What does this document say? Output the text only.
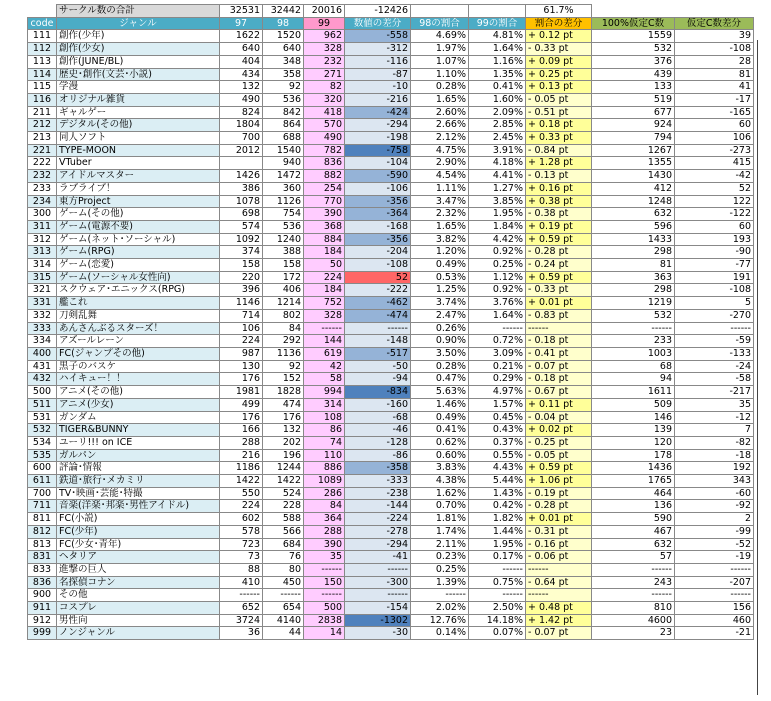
	サークル数の合計	32531	32442	20016	-12426			61.7%		
code	ジャンル	97	98	99	数値の差分	98の割合	99の割合	割合の差分	100%仮定C数	仮定C数差分
111	創作(少年)	1622	1520	962	-558	4.69%	4.81%	+ 0.12 pt	1559	39
112	創作(少女)	640	640	328	-312	1.97%	1.64%	- 0.33 pt	532	-108
113	創作(JUNE/BL)	404	348	232	-116	1.07%	1.16%	+ 0.09 pt	376	28
114	歴史･創作(文芸･小説)	434	358	271	-87	1.10%	1.35%	+ 0.25 pt	439	81
115	学漫	132	92	82	-10	0.28%	0.41%	+ 0.13 pt	133	41
116	オリジナル雑貨	490	536	320	-216	1.65%	1.60%	- 0.05 pt	519	-17
211	ギャルゲー	824	842	418	-424	2.60%	2.09%	- 0.51 pt	677	-165
212	デジタル(その他)	1804	864	570	-294	2.66%	2.85%	+ 0.18 pt	924	60
213	同人ソフト	700	688	490	-198	2.12%	2.45%	+ 0.33 pt	794	106
221	TYPE-MOON	2012	1540	782	-758	4.75%	3.91%	- 0.84 pt	1267	-273
222	VTuber		940	836	-104	2.90%	4.18%	+ 1.28 pt	1355	415
232	アイドルマスター	1426	1472	882	-590	4.54%	4.41%	- 0.13 pt	1430	-42
233	ラブライブ！	386	360	254	-106	1.11%	1.27%	+ 0.16 pt	412	52
234	東方Project	1078	1126	770	-356	3.47%	3.85%	+ 0.38 pt	1248	122
300	ゲーム(その他)	698	754	390	-364	2.32%	1.95%	- 0.38 pt	632	-122
311	ゲーム(電源不要)	574	536	368	-168	1.65%	1.84%	+ 0.19 pt	596	60
312	ゲーム(ネット･ソーシャル)	1092	1240	884	-356	3.82%	4.42%	+ 0.59 pt	1433	193
313	ゲーム(RPG)	374	388	184	-204	1.20%	0.92%	- 0.28 pt	298	-90
314	ゲーム(恋愛)	158	158	50	-108	0.49%	0.25%	- 0.24 pt	81	-77
315	ゲーム(ソーシャル女性向)	220	172	224	52	0.53%	1.12%	+ 0.59 pt	363	191
321	スクウェア･エニックス(RPG)	396	406	184	-222	1.25%	0.92%	- 0.33 pt	298	-108
331	艦これ	1146	1214	752	-462	3.74%	3.76%	+ 0.01 pt	1219	5
332	刀剣乱舞	714	802	328	-474	2.47%	1.64%	- 0.83 pt	532	-270
333	あんさんぶるスターズ！	106	84	------	------	0.26%	------	------	------	------
334	アズールレーン	224	292	144	-148	0.90%	0.72%	- 0.18 pt	233	-59
400	FC(ジャンプその他)	987	1136	619	-517	3.50%	3.09%	- 0.41 pt	1003	-133
431	黒子のバスケ	130	92	42	-50	0.28%	0.21%	- 0.07 pt	68	-24
432	ハイキュー！！	176	152	58	-94	0.47%	0.29%	- 0.18 pt	94	-58
500	アニメ(その他)	1981	1828	994	-834	5.63%	4.97%	- 0.67 pt	1611	-217
511	アニメ(少女)	499	474	314	-160	1.46%	1.57%	+ 0.11 pt	509	35
531	ガンダム	176	176	108	-68	0.49%	0.45%	- 0.04 pt	146	-12
532	TIGER&BUNNY	166	132	86	-46	0.41%	0.43%	+ 0.02 pt	139	7
534	ユーリ!!! on ICE	288	202	74	-128	0.62%	0.37%	- 0.25 pt	120	-82
535	ガルパン	216	196	110	-86	0.60%	0.55%	- 0.05 pt	178	-18
600	評論･情報	1186	1244	886	-358	3.83%	4.43%	+ 0.59 pt	1436	192
611	鉄道･旅行･メカミリ	1422	1422	1089	-333	4.38%	5.44%	+ 1.06 pt	1765	343
700	TV･映画･芸能･特撮	550	524	286	-238	1.62%	1.43%	- 0.19 pt	464	-60
711	音楽(洋楽･邦楽･男性アイドル)	224	228	84	-144	0.70%	0.42%	- 0.28 pt	136	-92
811	FC(小説)	602	588	364	-224	1.81%	1.82%	+ 0.01 pt	590	2
812	FC(少年)	578	566	288	-278	1.74%	1.44%	- 0.31 pt	467	-99
813	FC(少女･青年)	723	684	390	-294	2.11%	1.95%	- 0.16 pt	632	-52
831	ヘタリア	73	76	35	-41	0.23%	0.17%	- 0.06 pt	57	-19
833	進撃の巨人	88	80	------	------	0.25%	------	------	------	------
836	名探偵コナン	410	450	150	-300	1.39%	0.75%	- 0.64 pt	243	-207
900	その他	------	------	------	------	------	------	------	------	------
911	コスプレ	652	654	500	-154	2.02%	2.50%	+ 0.48 pt	810	156
912	男性向	3724	4140	2838	-1302	12.76%	14.18%	+ 1.42 pt	4600	460
999	ノンジャンル	36	44	14	-30	0.14%	0.07%	- 0.07 pt	23	-21
